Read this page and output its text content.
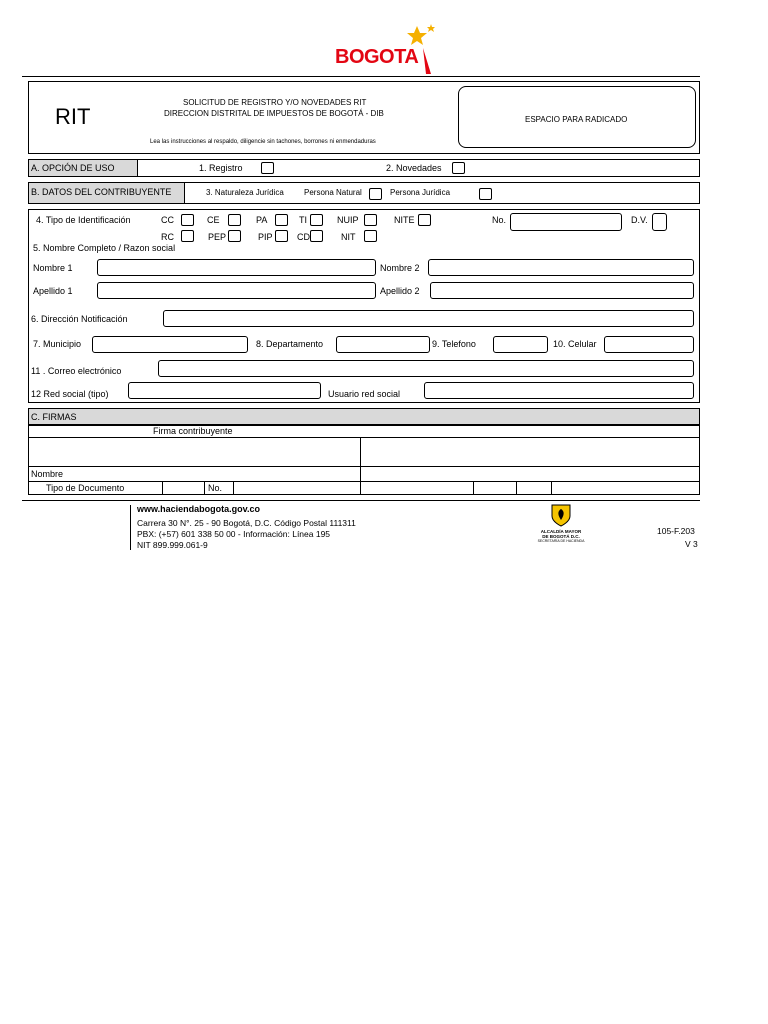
BOGOTA
RIT
SOLICITUD DE REGISTRO Y/O NOVEDADES RIT
DIRECCION DISTRITAL DE IMPUESTOS DE BOGOTÁ - DIB
Lea las instrucciones al respaldo, diligencie sin tachones, borrones ni enmendaduras
ESPACIO PARA RADICADO
A. OPCIÓN DE USO	1. Registro	2. Novedades
B. DATOS DEL CONTRIBUYENTE	3. Naturaleza Jurídica	Persona Natural	Persona Jurídica
4. Tipo de Identificación	CC	CE	PA	TI	NUIP	NITE	No.	D.V.
RC	PEP	PIP	CD	NIT
5. Nombre Completo / Razon social
Nombre 1	Nombre 2
Apellido 1	Apellido 2
6. Dirección Notificación
7. Municipio	8. Departamento	9. Telefono	10. Celular
11 . Correo electrónico
12 Red social (tipo)	Usuario red social
C. FIRMAS
Firma contribuyente
Nombre
Tipo de Documento	No.
www.haciendabogota.gov.co
Carrera 30 N°. 25 - 90 Bogotá, D.C. Código Postal 111311
PBX: (+57) 601 338 50 00 - Información: Línea 195
NIT 899.999.061-9
ALCALDÍA MAYOR
DE BOGOTÁ D.C.
SECRETARÍA DE HACIENDA
105-F.203
V 3
